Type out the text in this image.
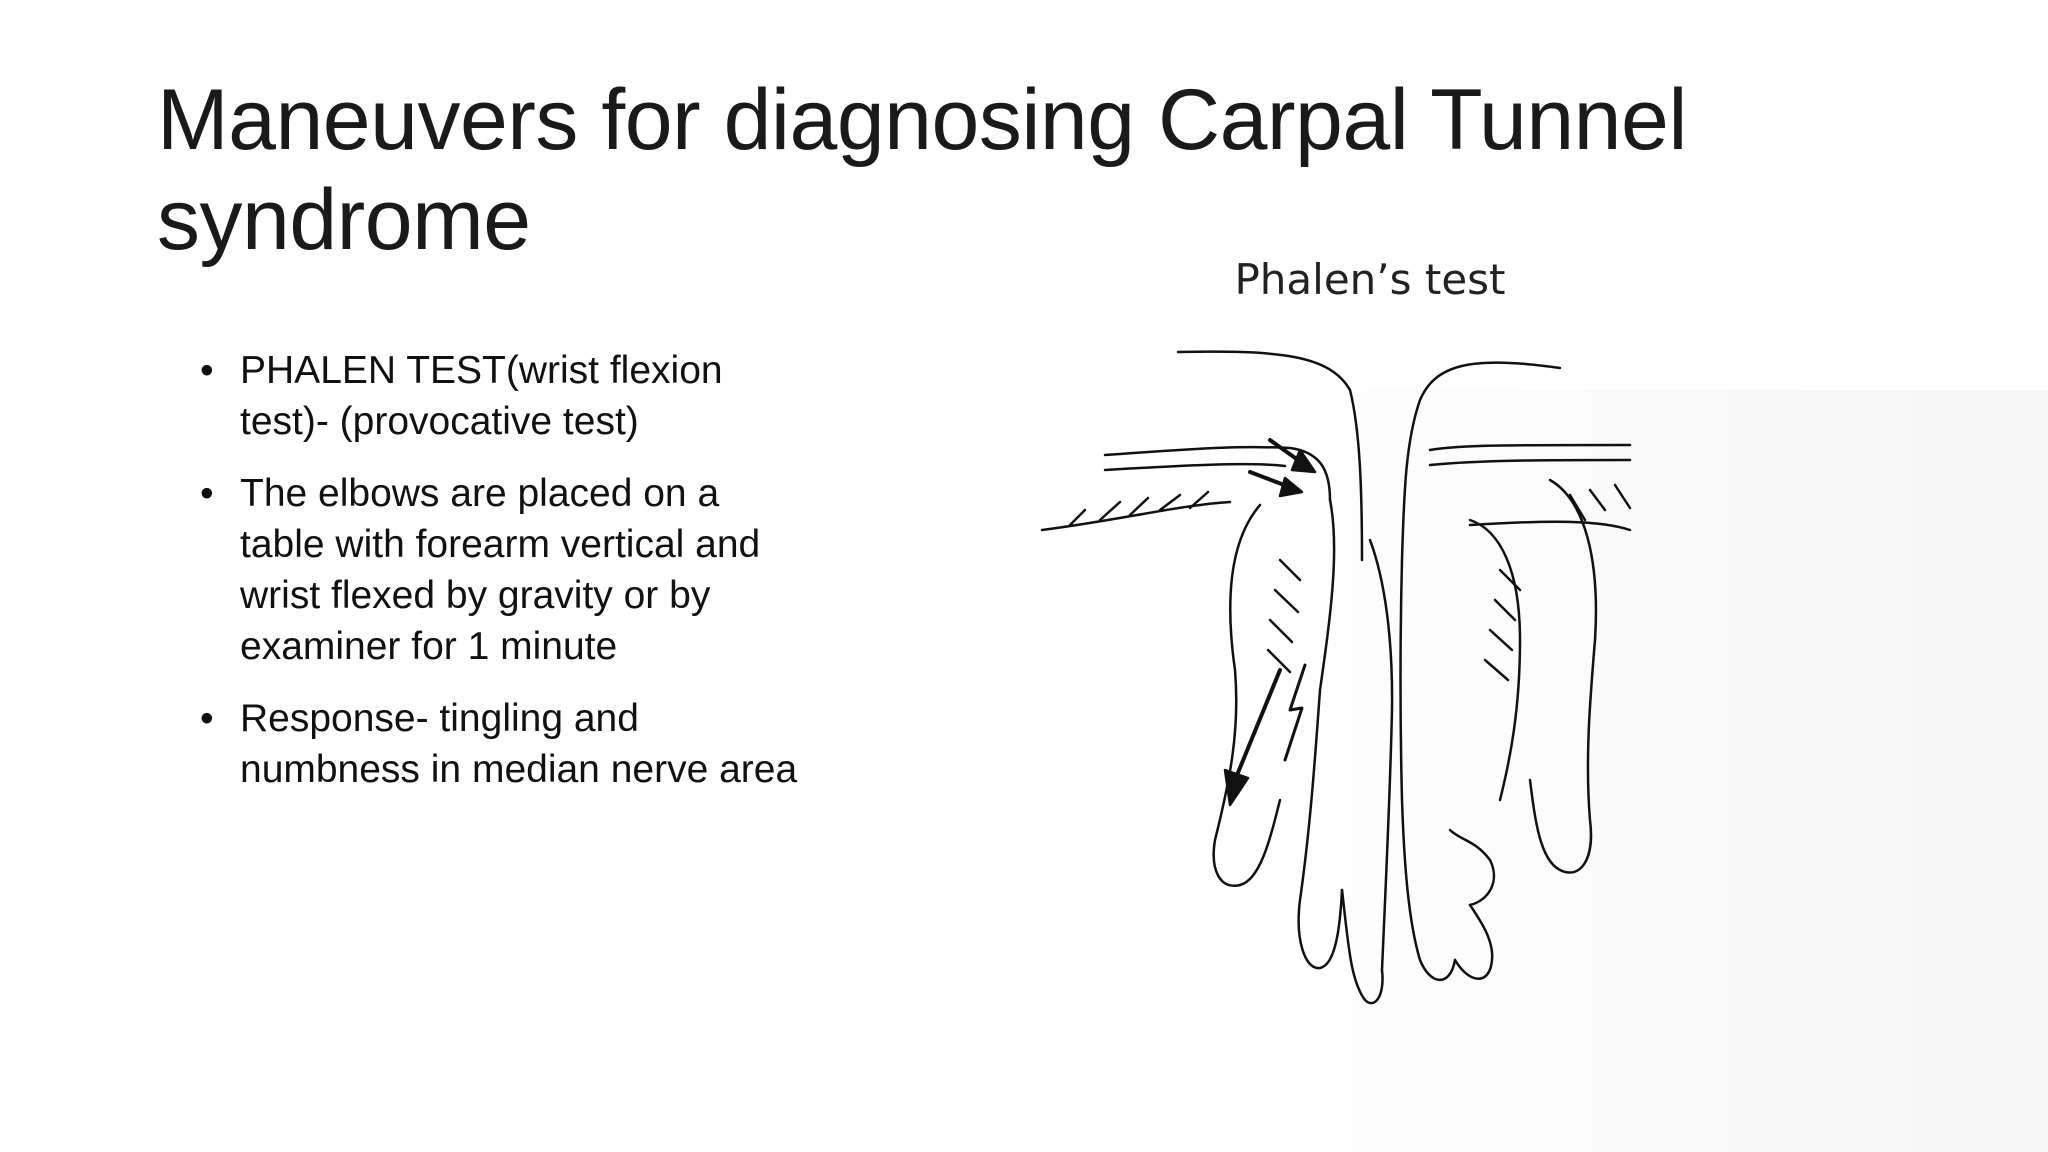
Maneuvers for diagnosing Carpal Tunnel syndrome
• PHALEN TEST(wrist flexion test)- (provocative test)
• The elbows are placed on a table with forearm vertical and wrist flexed by gravity or by examiner for 1 minute
• Response- tingling and numbness in median nerve area
Phalen’s test
